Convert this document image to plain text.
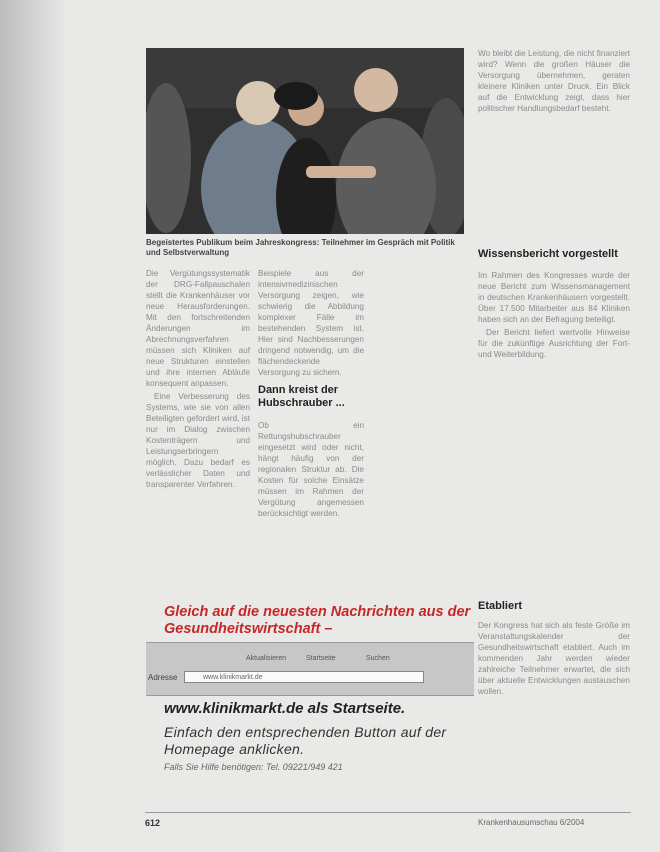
Begeistertes Publikum beim Jahreskongress: Teilnehmer im Gespräch mit Politik und Selbstverwaltung

Die Vergütungssystematik der DRG-Fallpauschalen stellt die Krankenhäuser vor neue Herausforderungen. Mit den fortschreitenden Änderungen im Abrechnungsverfahren müssen sich Kliniken auf neue Strukturen einstellen und ihre internen Abläufe konsequent anpassen.

Eine Verbesserung des Systems, wie sie von allen Beteiligten gefordert wird, ist nur im Dialog zwischen Kostenträgern und Leistungserbringern möglich. Dazu bedarf es verlässlicher Daten und transparenter Verfahren.

Beispiele aus der intensivmedizinischen Versorgung zeigen, wie schwierig die Abbildung komplexer Fälle im bestehenden System ist. Hier sind Nachbesserungen dringend notwendig, um die flächendeckende Versorgung zu sichern.

Dann kreist der Hubschrauber ...

Ob ein Rettungshubschrauber eingesetzt wird oder nicht, hängt häufig von der regionalen Struktur ab. Die Kosten für solche Einsätze müssen im Rahmen der Vergütung angemessen berücksichtigt werden.

Wo bleibt die Leistung, die nicht finanziert wird? Wenn die großen Häuser die Versorgung übernehmen, geraten kleinere Kliniken unter Druck. Ein Blick auf die Entwicklung zeigt, dass hier politischer Handlungsbedarf besteht.

Wissensbericht vorgestellt

Im Rahmen des Kongresses wurde der neue Bericht zum Wissensmanagement in deutschen Krankenhäusern vorgestellt. Über 17.500 Mitarbeiter aus 84 Kliniken haben sich an der Befragung beteiligt.

Der Bericht liefert wertvolle Hinweise für die zukünftige Ausrichtung der Fort- und Weiterbildung.

Etabliert

Der Kongress hat sich als feste Größe im Veranstaltungskalender der Gesundheitswirtschaft etabliert. Auch im kommenden Jahr werden wieder zahlreiche Teilnehmer erwartet, die sich über aktuelle Entwicklungen austauschen wollen.

Gleich auf die neuesten Nachrichten aus der Gesundheitswirtschaft –
Aktualisieren	Startseite	Suchen
Adresse	www.klinikmarkt.de
www.klinikmarkt.de als Startseite.
Einfach den entsprechenden Button auf der Homepage anklicken.
Falls Sie Hilfe benötigen: Tel. 09221/949 421
612	Krankenhausumschau 6/2004
